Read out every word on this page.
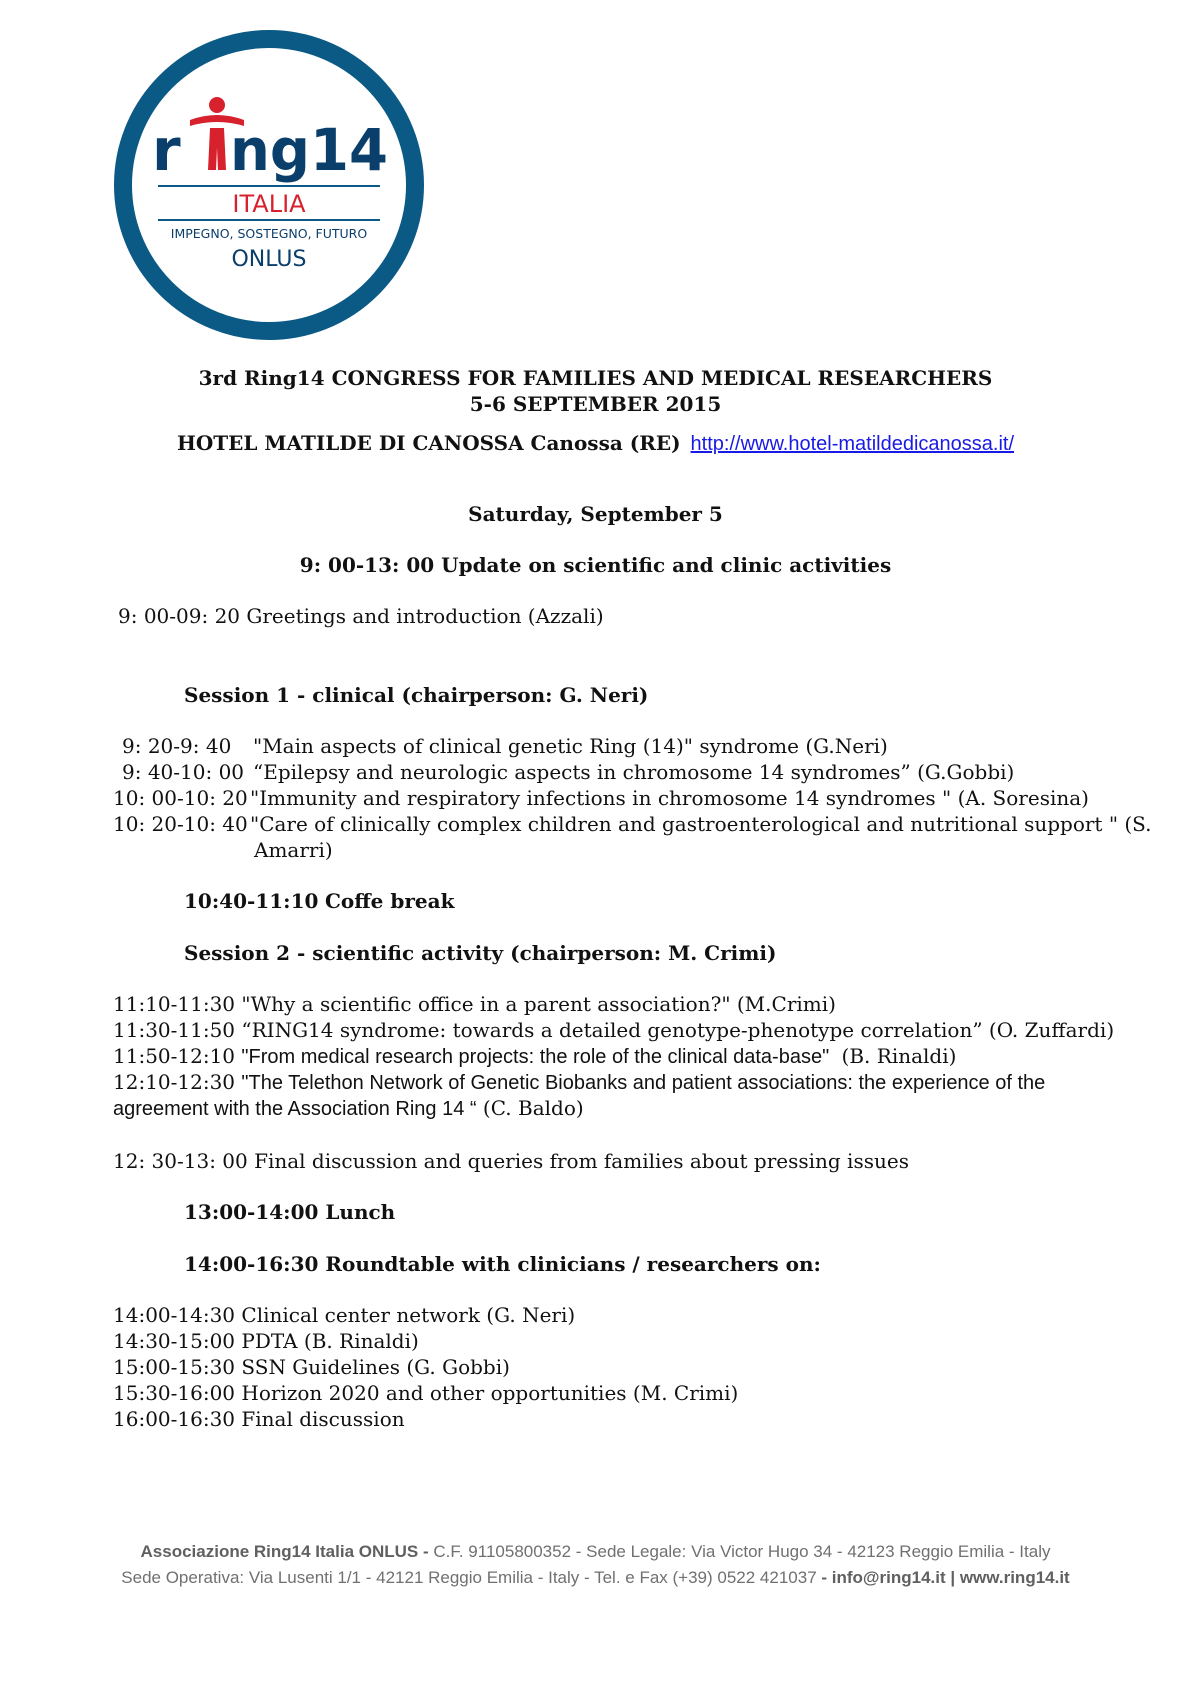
r ng14
ITALIA
IMPEGNO, SOSTEGNO, FUTURO
ONLUS
3rd Ring14 CONGRESS FOR FAMILIES AND MEDICAL RESEARCHERS
5-6 SEPTEMBER 2015
HOTEL MATILDE DI CANOSSA Canossa (RE) http://www.hotel-matildedicanossa.it/
Saturday, September 5
9: 00-13: 00 Update on scientific and clinic activities
9: 00-09: 20 Greetings and introduction (Azzali)
Session 1 - clinical (chairperson: G. Neri)
9: 20-9: 40 "Main aspects of clinical genetic Ring (14)" syndrome (G.Neri)
9: 40-10: 00 “Epilepsy and neurologic aspects in chromosome 14 syndromes” (G.Gobbi)
10: 00-10: 20 "Immunity and respiratory infections in chromosome 14 syndromes " (A. Soresina)
10: 20-10: 40 "Care of clinically complex children and gastroenterological and nutritional support " (S.
Amarri)
10:40-11:10 Coffe break
Session 2 - scientific activity (chairperson: M. Crimi)
11:10-11:30 "Why a scientific office in a parent association?" (M.Crimi)
11:30-11:50 “RING14 syndrome: towards a detailed genotype-phenotype correlation” (O. Zuffardi)
11:50-12:10 "From medical research projects: the role of the clinical data-base" (B. Rinaldi)
12:10-12:30 "The Telethon Network of Genetic Biobanks and patient associations: the experience of the
agreement with the Association Ring 14 “ (C. Baldo)
12: 30-13: 00 Final discussion and queries from families about pressing issues
13:00-14:00 Lunch
14:00-16:30 Roundtable with clinicians / researchers on:
14:00-14:30 Clinical center network (G. Neri)
14:30-15:00 PDTA (B. Rinaldi)
15:00-15:30 SSN Guidelines (G. Gobbi)
15:30-16:00 Horizon 2020 and other opportunities (M. Crimi)
16:00-16:30 Final discussion
Associazione Ring14 Italia ONLUS - C.F. 91105800352 - Sede Legale: Via Victor Hugo 34 - 42123 Reggio Emilia - Italy
Sede Operativa: Via Lusenti 1/1 - 42121 Reggio Emilia - Italy - Tel. e Fax (+39) 0522 421037 - info@ring14.it | www.ring14.it
